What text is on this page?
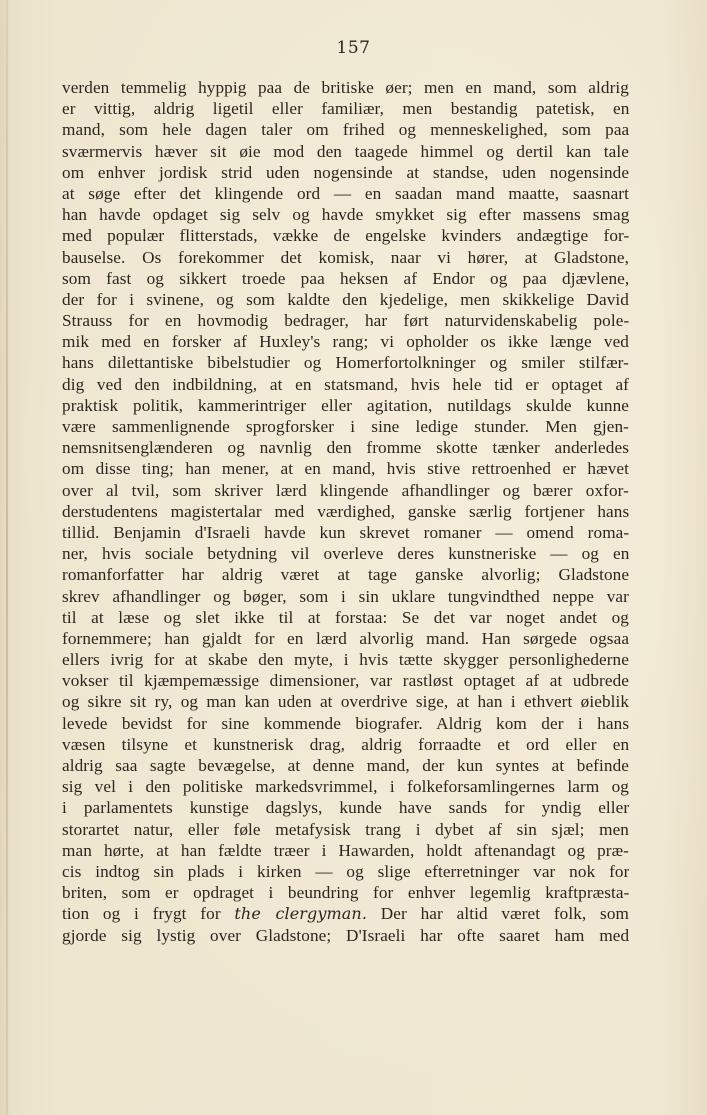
157
verden temmelig hyppig paa de britiske øer; men en mand, som aldrig
er vittig, aldrig ligetil eller familiær, men bestandig patetisk, en
mand, som hele dagen taler om frihed og menneskelighed, som paa
sværmervis hæver sit øie mod den taagede himmel og dertil kan tale
om enhver jordisk strid uden nogensinde at standse, uden nogensinde
at søge efter det klingende ord — en saadan mand maatte, saasnart
han havde opdaget sig selv og havde smykket sig efter massens smag
med populær flitterstads, vække de engelske kvinders andægtige for-
bauselse. Os forekommer det komisk, naar vi hører, at Gladstone,
som fast og sikkert troede paa heksen af Endor og paa djævlene,
der for i svinene, og som kaldte den kjedelige, men skikkelige David
Strauss for en hovmodig bedrager, har ført naturvidenskabelig pole-
mik med en forsker af Huxley's rang; vi opholder os ikke længe ved
hans dilettantiske bibelstudier og Homerfortolkninger og smiler stilfær-
dig ved den indbildning, at en statsmand, hvis hele tid er optaget af
praktisk politik, kammerintriger eller agitation, nutildags skulde kunne
være sammenlignende sprogforsker i sine ledige stunder. Men gjen-
nemsnitsenglænderen og navnlig den fromme skotte tænker anderledes
om disse ting; han mener, at en mand, hvis stive rettroenhed er hævet
over al tvil, som skriver lærd klingende afhandlinger og bærer oxfor-
derstudentens magistertalar med værdighed, ganske særlig fortjener hans
tillid. Benjamin d'Israeli havde kun skrevet romaner — omend roma-
ner, hvis sociale betydning vil overleve deres kunstneriske — og en
romanforfatter har aldrig været at tage ganske alvorlig; Gladstone
skrev afhandlinger og bøger, som i sin uklare tungvindthed neppe var
til at læse og slet ikke til at forstaa: Se det var noget andet og
fornemmere; han gjaldt for en lærd alvorlig mand. Han sørgede ogsaa
ellers ivrig for at skabe den myte, i hvis tætte skygger personlighederne
vokser til kjæmpemæssige dimensioner, var rastløst optaget af at udbrede
og sikre sit ry, og man kan uden at overdrive sige, at han i ethvert øieblik
levede bevidst for sine kommende biografer. Aldrig kom der i hans
væsen tilsyne et kunstnerisk drag, aldrig forraadte et ord eller en
aldrig saa sagte bevægelse, at denne mand, der kun syntes at befinde
sig vel i den politiske markedsvrimmel, i folkeforsamlingernes larm og
i parlamentets kunstige dagslys, kunde have sands for yndig eller
storartet natur, eller føle metafysisk trang i dybet af sin sjæl; men
man hørte, at han fældte træer i Hawarden, holdt aftenandagt og præ-
cis indtog sin plads i kirken — og slige efterretninger var nok for
briten, som er opdraget i beundring for enhver legemlig kraftpræsta-
tion og i frygt for the clergyman. Der har altid været folk, som
gjorde sig lystig over Gladstone; D'Israeli har ofte saaret ham med
